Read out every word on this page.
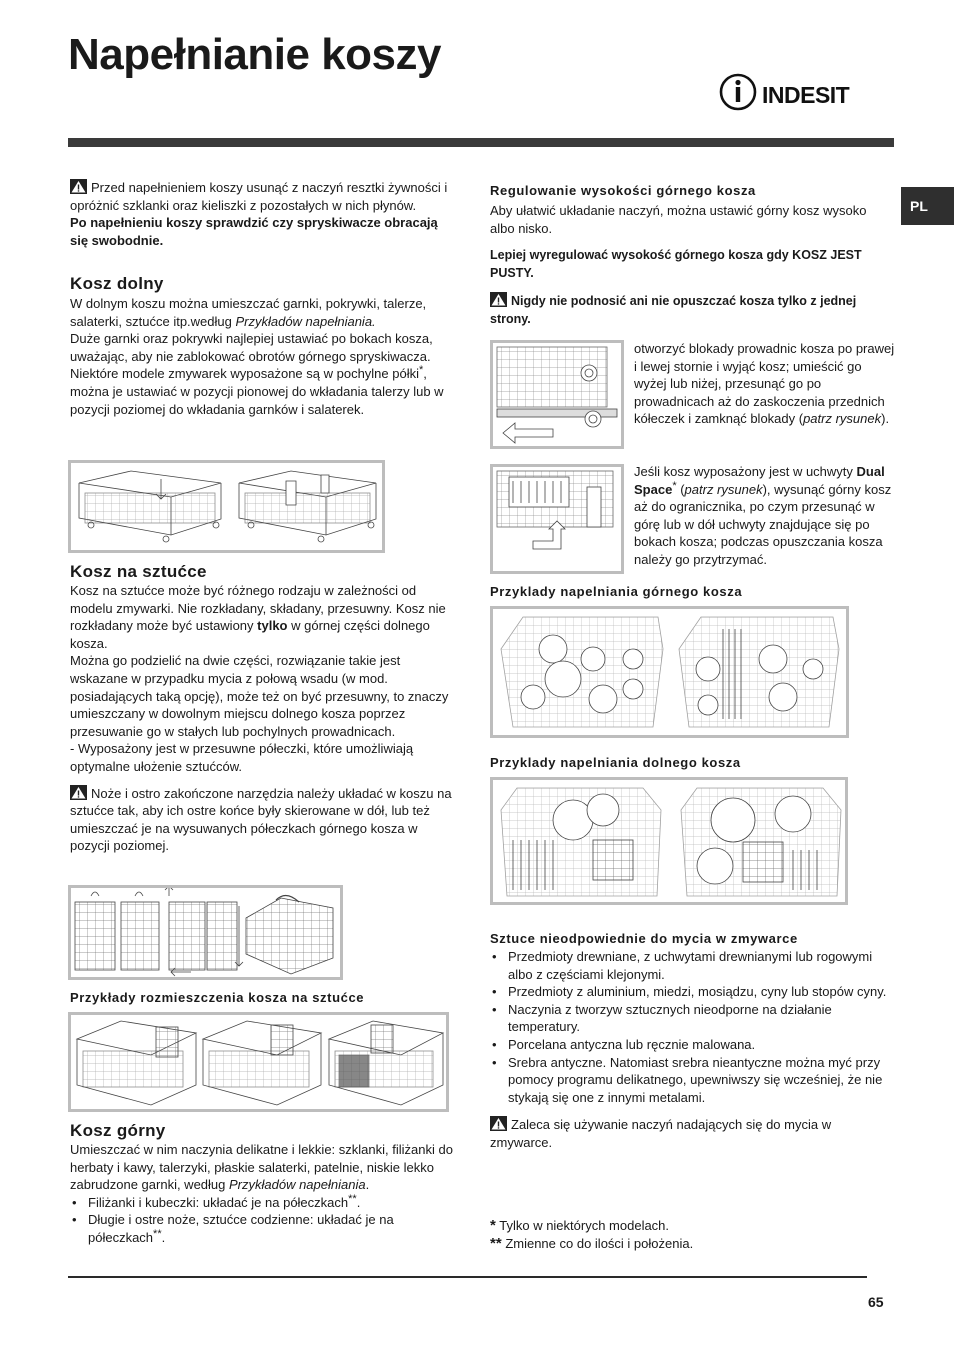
Napełnianie koszy
INDESIT
PL

Przed napełnieniem koszy usunąć z naczyń resztki żywności i opróżnić szklanki oraz kieliszki z pozostałych w nich płynów.

Po napełnieniu koszy sprawdzić czy spryskiwacze obracają się swobodnie.

Kosz dolny

W dolnym koszu można umieszczać garnki, pokrywki, talerze, salaterki, sztućce itp.według Przykładów napełniania.

Duże garnki oraz pokrywki najlepiej ustawiać po bokach kosza, uważając, aby nie zablokować obrotów górnego spryskiwacza.

Niektóre modele zmywarek wyposażone są w pochylne półki*, można je ustawiać w pozycji pionowej do wkładania talerzy lub w pozycji poziomej do wkładania garnków i salaterek.

Kosz na sztućce

Kosz na sztućce może być różnego rodzaju w zależności od modelu zmywarki. Nie rozkładany, składany, przesuwny. Kosz nie rozkładany może być ustawiony tylko w górnej części dolnego kosza.

Można go podzielić na dwie części, rozwiązanie takie jest wskazane w przypadku mycia z połową wsadu (w mod. posiadających taką opcję), może też on być przesuwny, to znaczy umieszczany w dowolnym miejscu dolnego kosza poprzez przesuwanie go w stałych lub pochylnych prowadnicach.

- Wyposażony jest w przesuwne półeczki, które umożliwiają optymalne ułożenie sztućców.

Noże i ostro zakończone narzędzia należy układać w koszu na sztućce tak, aby ich ostre końce były skierowane w dół, lub też umieszczać je na wysuwanych półeczkach górnego kosza w pozycji poziomej.

Przykłady rozmieszczenia kosza na sztućce
Kosz górny

Umieszczać w nim naczynia delikatne i lekkie: szklanki, filiżanki do herbaty i kawy, talerzyki, płaskie salaterki, patelnie, niskie lekko zabrudzone garnki, według Przykładów napełniania.

• Filiżanki i kubeczki: układać je na półeczkach**.
• Długie i ostre noże, sztućce codzienne: układać je na półeczkach**.
Regulowanie wysokości górnego kosza

Aby ułatwić układanie naczyń, można ustawić górny kosz wysoko albo nisko.

Lepiej wyregulować wysokość górnego kosza gdy KOSZ JEST PUSTY.

Nigdy nie podnosić ani nie opuszczać kosza tylko z jednej strony.

otworzyć blokady prowadnic kosza po prawej i lewej stornie i wyjąć kosz; umieścić go wyżej lub niżej, przesunąć go po prowadnicach aż do zaskoczenia przednich kółeczek i zamknąć blokady (patrz rysunek).

Jeśli kosz wyposażony jest w uchwyty Dual Space* (patrz rysunek), wysunąć górny kosz aż do ogranicznika, po czym przesunąć w górę lub w dół uchwyty znajdujące się po bokach kosza; podczas opuszczania kosza należy go przytrzymać.

Przyklady napelniania górnego kosza
Przyklady napelniania dolnego kosza
Sztuce nieodpowiednie do mycia w zmywarce
• Przedmioty drewniane, z uchwytami drewnianymi lub rogowymi albo z częściami klejonymi.
• Przedmioty z aluminium, miedzi, mosiądzu, cyny lub stopów cyny.
• Naczynia z tworzyw sztucznych nieodporne na działanie temperatury.
• Porcelana antyczna lub ręcznie malowana.
• Srebra antyczne. Natomiast srebra nieantyczne można myć przy pomocy programu delikatnego, upewniwszy się wcześniej, że nie stykają się one z innymi metalami.

Zaleca się używanie naczyń nadających się do mycia w zmywarce.

* Tylko w niektórych modelach.

** Zmienne co do ilości i położenia.

65
